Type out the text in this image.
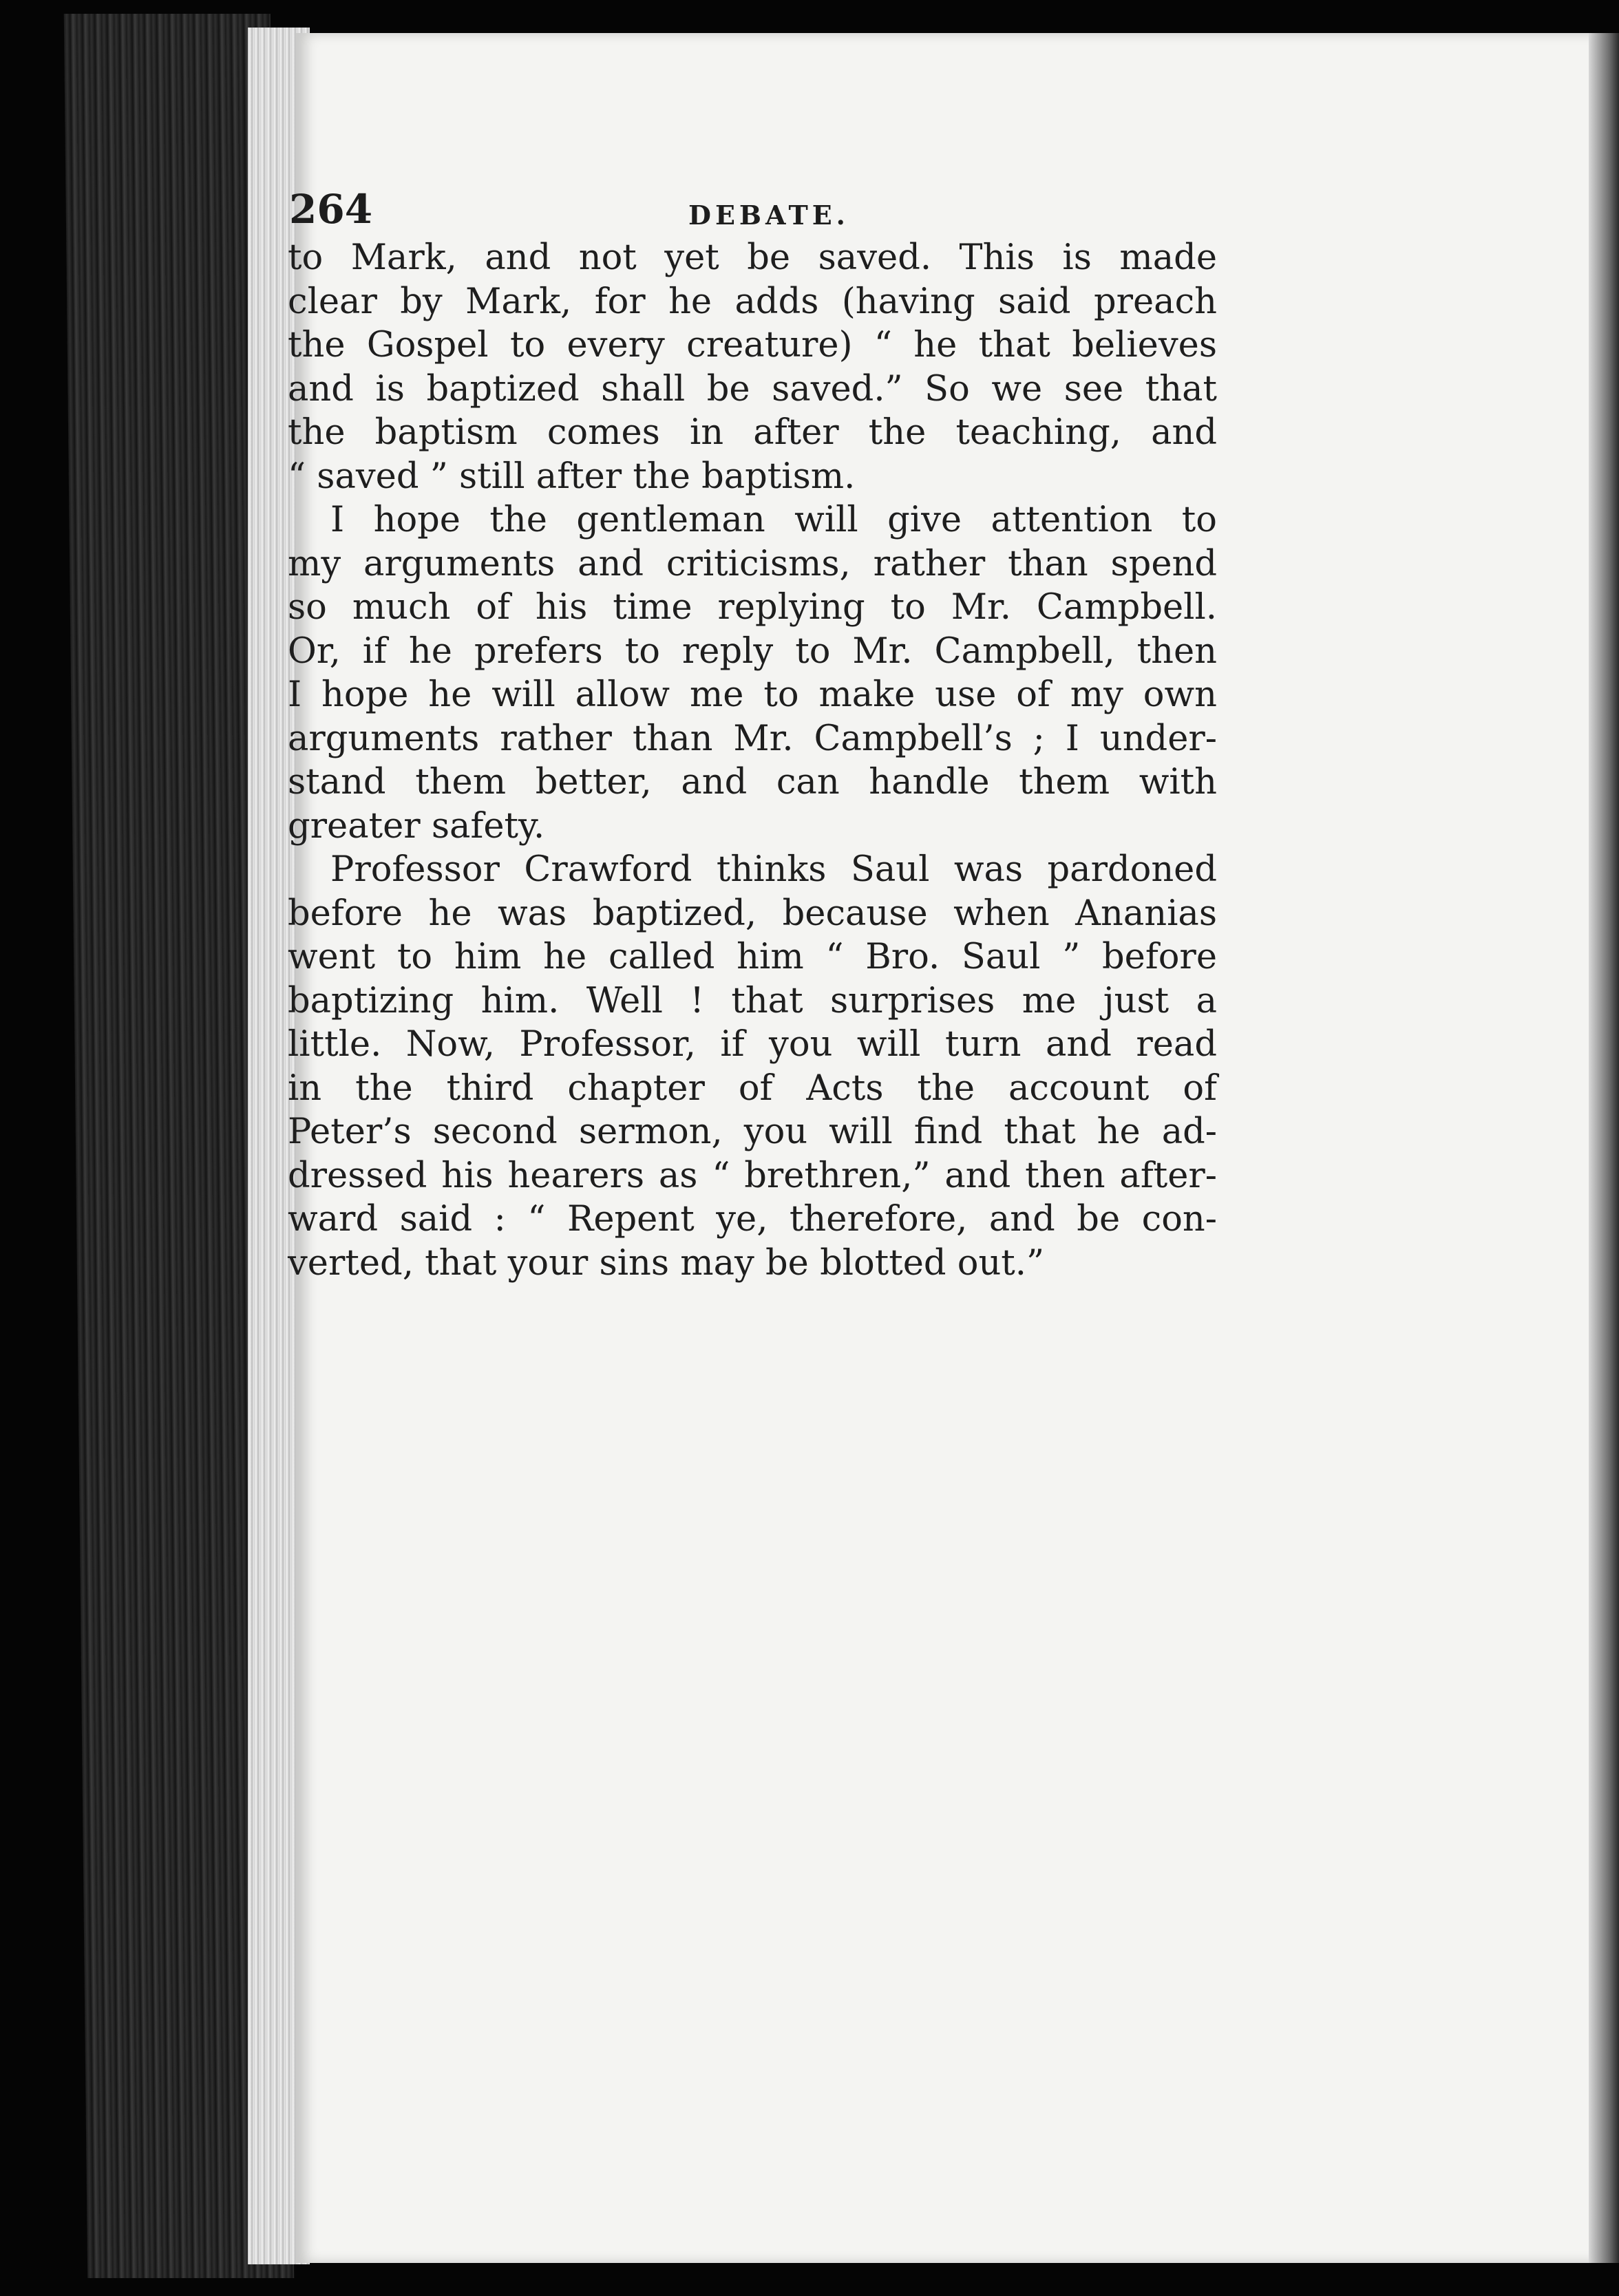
264	DEBATE.
to Mark, and not yet be saved. This is made
clear by Mark, for he adds (having said preach
the Gospel to every creature) “ he that believes
and is baptized shall be saved.” So we see that
the baptism comes in after the teaching, and
“ saved ” still after the baptism.
I hope the gentleman will give attention to
my arguments and criticisms, rather than spend
so much of his time replying to Mr. Campbell.
Or, if he prefers to reply to Mr. Campbell, then
I hope he will allow me to make use of my own
arguments rather than Mr. Campbell’s ; I under-
stand them better, and can handle them with
greater safety.
Professor Crawford thinks Saul was pardoned
before he was baptized, because when Ananias
went to him he called him “ Bro. Saul ” before
baptizing him. Well ! that surprises me just a
little. Now, Professor, if you will turn and read
in the third chapter of Acts the account of
Peter’s second sermon, you will find that he ad-
dressed his hearers as “ brethren,” and then after-
ward said : “ Repent ye, therefore, and be con-
verted, that your sins may be blotted out.”
